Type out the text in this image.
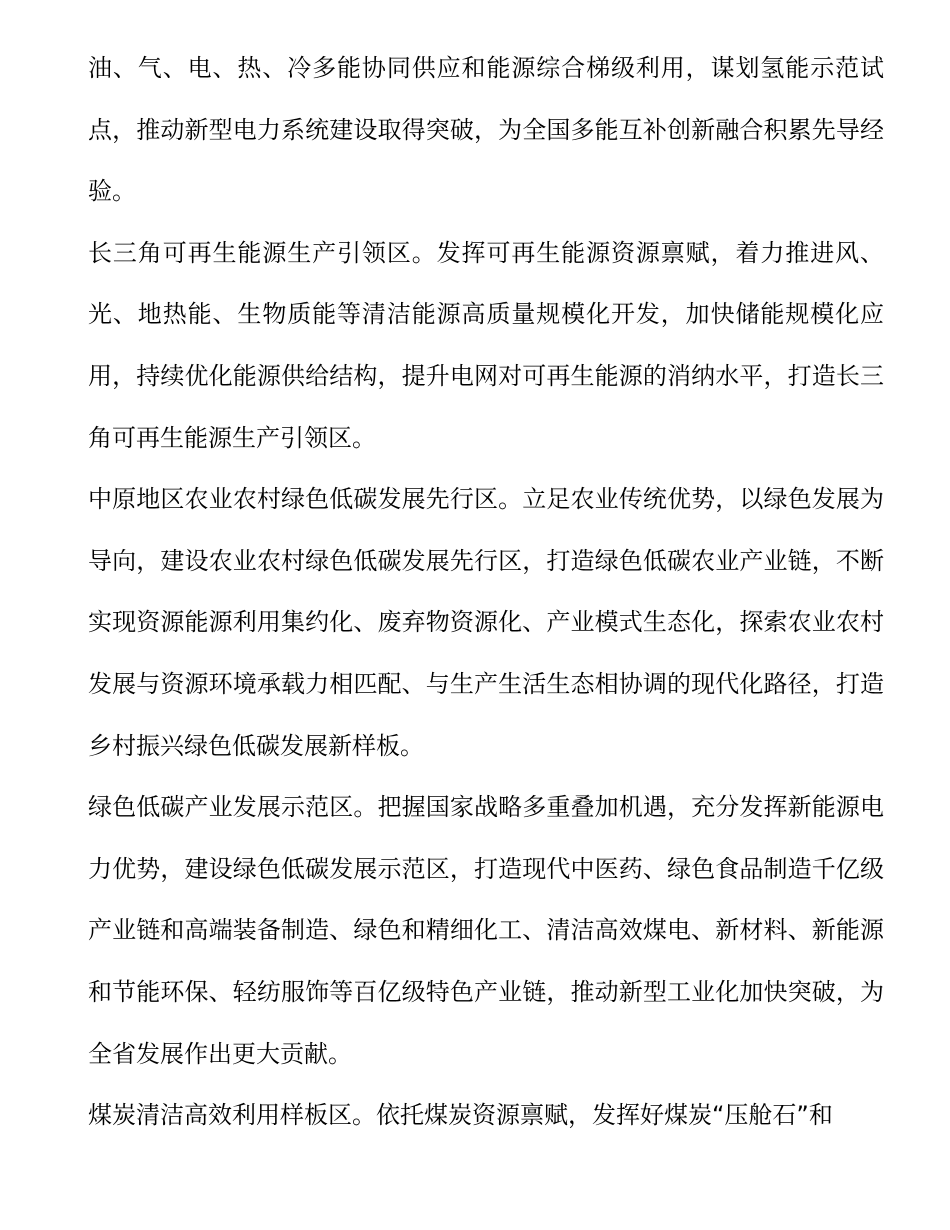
油、气、电、热、冷多能协同供应和能源综合梯级利用，谋划氢能示范试点，推动新型电力系统建设取得突破，为全国多能互补创新融合积累先导经验。

长三角可再生能源生产引领区。发挥可再生能源资源禀赋，着力推进风、光、地热能、生物质能等清洁能源高质量规模化开发，加快储能规模化应用，持续优化能源供给结构，提升电网对可再生能源的消纳水平，打造长三角可再生能源生产引领区。

中原地区农业农村绿色低碳发展先行区。立足农业传统优势，以绿色发展为导向，建设农业农村绿色低碳发展先行区，打造绿色低碳农业产业链，不断实现资源能源利用集约化、废弃物资源化、产业模式生态化，探索农业农村发展与资源环境承载力相匹配、与生产生活生态相协调的现代化路径，打造乡村振兴绿色低碳发展新样板。

绿色低碳产业发展示范区。把握国家战略多重叠加机遇，充分发挥新能源电力优势，建设绿色低碳发展示范区，打造现代中医药、绿色食品制造千亿级产业链和高端装备制造、绿色和精细化工、清洁高效煤电、新材料、新能源和节能环保、轻纺服饰等百亿级特色产业链，推动新型工业化加快突破，为全省发展作出更大贡献。

煤炭清洁高效利用样板区。依托煤炭资源禀赋，发挥好煤炭“压舱石”和
